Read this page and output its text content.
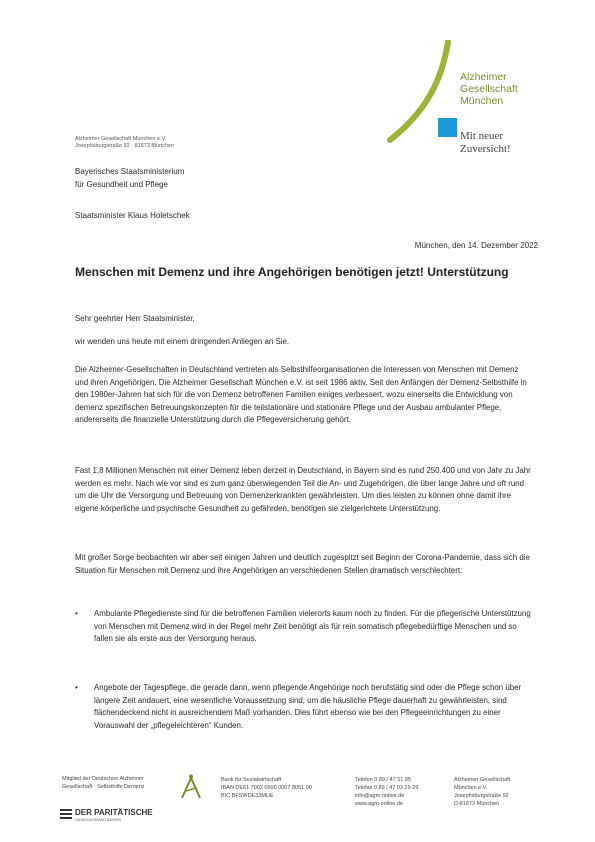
Alzheimer
Gesellschaft
München
Mit neuer
Zuversicht!
Alzheimer Gesellschaft München e.V.
Josephsburgstraße 92 · 81673 München
Bayerisches Staatsministerium
für Gesundheit und Pflege
Staatsminister Klaus Holetschek
München, den 14. Dezember 2022
Menschen mit Demenz und ihre Angehörigen benötigen jetzt! Unterstützung
Sehr geehrter Herr Staatsminister,
wir wenden uns heute mit einem dringenden Anliegen an Sie.
Die Alzheimer-Gesellschaften in Deutschland vertreten als Selbsthilfeorganisationen die Interessen von Menschen mit Demenz und ihren Angehörigen. Die Alzheimer Gesellschaft München e.V. ist seit 1986 aktiv. Seit den Anfängen der Demenz-Selbsthilfe in den 1980er-Jahren hat sich für die von Demenz betroffenen Familien einiges verbessert, wozu einerseits die Entwicklung von demenz spezifischen Betreuungskonzepten für die teilstationäre und stationäre Pflege und der Ausbau ambulanter Pflege, andererseits die finanzielle Unterstützung durch die Pflegeversicherung gehört.
Fast 1,8 Millionen Menschen mit einer Demenz leben derzeit in Deutschland, in Bayern sind es rund 250.400 und von Jahr zu Jahr werden es mehr. Nach wie vor sind es zum ganz überwiegenden Teil die An- und Zugehörigen, die über lange Jahre und oft rund um die Uhr die Versorgung und Betreuung von Demenzerkrankten gewährleisten. Um dies leisten zu können ohne damit ihre eigene körperliche und psychische Gesundheit zu gefährden, benötigen sie zielgerichtete Unterstützung.
Mit großer Sorge beobachten wir aber seit einigen Jahren und deutlich zugespitzt seit Beginn der Corona-Pandemie, dass sich die Situation für Menschen mit Demenz und ihre Angehörigen an verschiedenen Stellen dramatisch verschlechtert:
• Ambulante Pflegedienste sind für die betroffenen Familien vielerorts kaum noch zu finden. Für die pflegerische Unterstützung von Menschen mit Demenz wird in der Regel mehr Zeit benötigt als für rein somatisch pflegebedürftige Menschen und so fallen sie als erste aus der Versorgung heraus.
• Angebote der Tagespflege, die gerade dann, wenn pflegende Angehörige noch berufstätig sind oder die Pflege schon über längere Zeit andauert, eine wesentliche Voraussetzung sind, um die häusliche Pflege dauerhaft zu gewährleisten, sind flächendeckend nicht in ausreichendem Maß vorhanden. Dies führt ebenso wie bei den Pflegeeinrichtungen zu einer Vorauswahl der „pflegeleichteren“ Kunden.
Mitglied der Deutschen Alzheimer
Gesellschaft · Selbsthilfe Demenz
DER PARITÄTISCHE
LANDESVERBAND BAYERN
Bank für Sozialwirtschaft
IBAN DE61 7002 0500 0007 8051 00
BIC BFSWDE33MUE
Telefon 0 89 / 47 51 85
Telefax 0 89 / 47 03 29 29
info@agm-online.de
www.agm-online.de
Alzheimer Gesellschaft
München e.V.
Josephsburgstraße 92
D-81673 München
